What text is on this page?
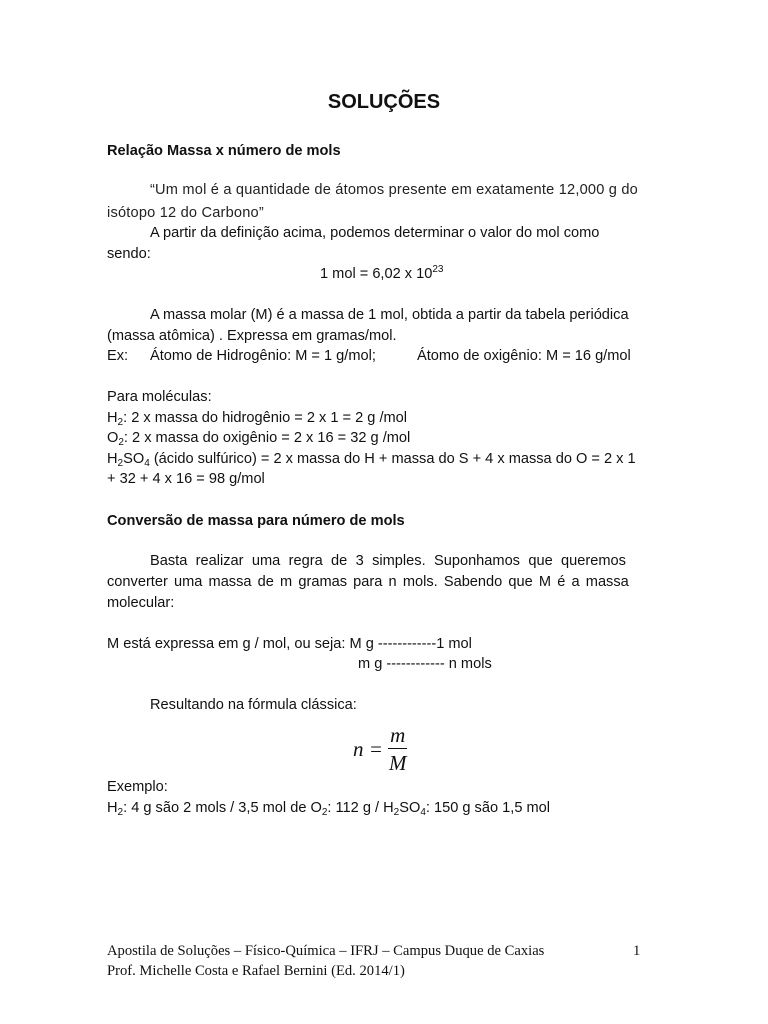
SOLUÇÕES
Relação Massa x número de mols
“Um mol é a quantidade de átomos presente em exatamente 12,000 g do
isótopo 12 do Carbono”
A partir da definição acima, podemos determinar o valor do mol como
sendo:
1 mol = 6,02 x $10^{23}$
A massa molar (M) é a massa de 1 mol, obtida a partir da tabela periódica
(massa atômica) . Expressa em gramas/mol.
Ex: Átomo de Hidrogênio: M = 1 g/mol;	Átomo de oxigênio: M = 16 g/mol
Para moléculas:
$H_2$: 2 x massa do hidrogênio = 2 x 1 = 2 g /mol
$O_2$: 2 x massa do oxigênio = 2 x 16 = 32 g /mol
$H_2SO_4$ (ácido sulfúrico) = 2 x massa do H + massa do S + 4 x massa do O = 2 x 1
+ 32 + 4 x 16 = 98 g/mol
Conversão de massa para número de mols
Basta realizar uma regra de 3 simples. Suponhamos que queremos
converter uma massa de m gramas para n mols. Sabendo que M é a massa
molecular:
M está expressa em g / mol, ou seja: M g ------------1 mol
m g ------------ n mols
Resultando na fórmula clássica:
$n = \frac{m}{M}$
Exemplo:
$H_2$: 4 g são 2 mols / 3,5 mol de $O_2$: 112 g / $H_2SO_4$: 150 g são 1,5 mol
Apostila de Soluções – Físico-Química – IFRJ – Campus Duque de Caxias
Prof. Michelle Costa e Rafael Bernini (Ed. 2014/1)
1
